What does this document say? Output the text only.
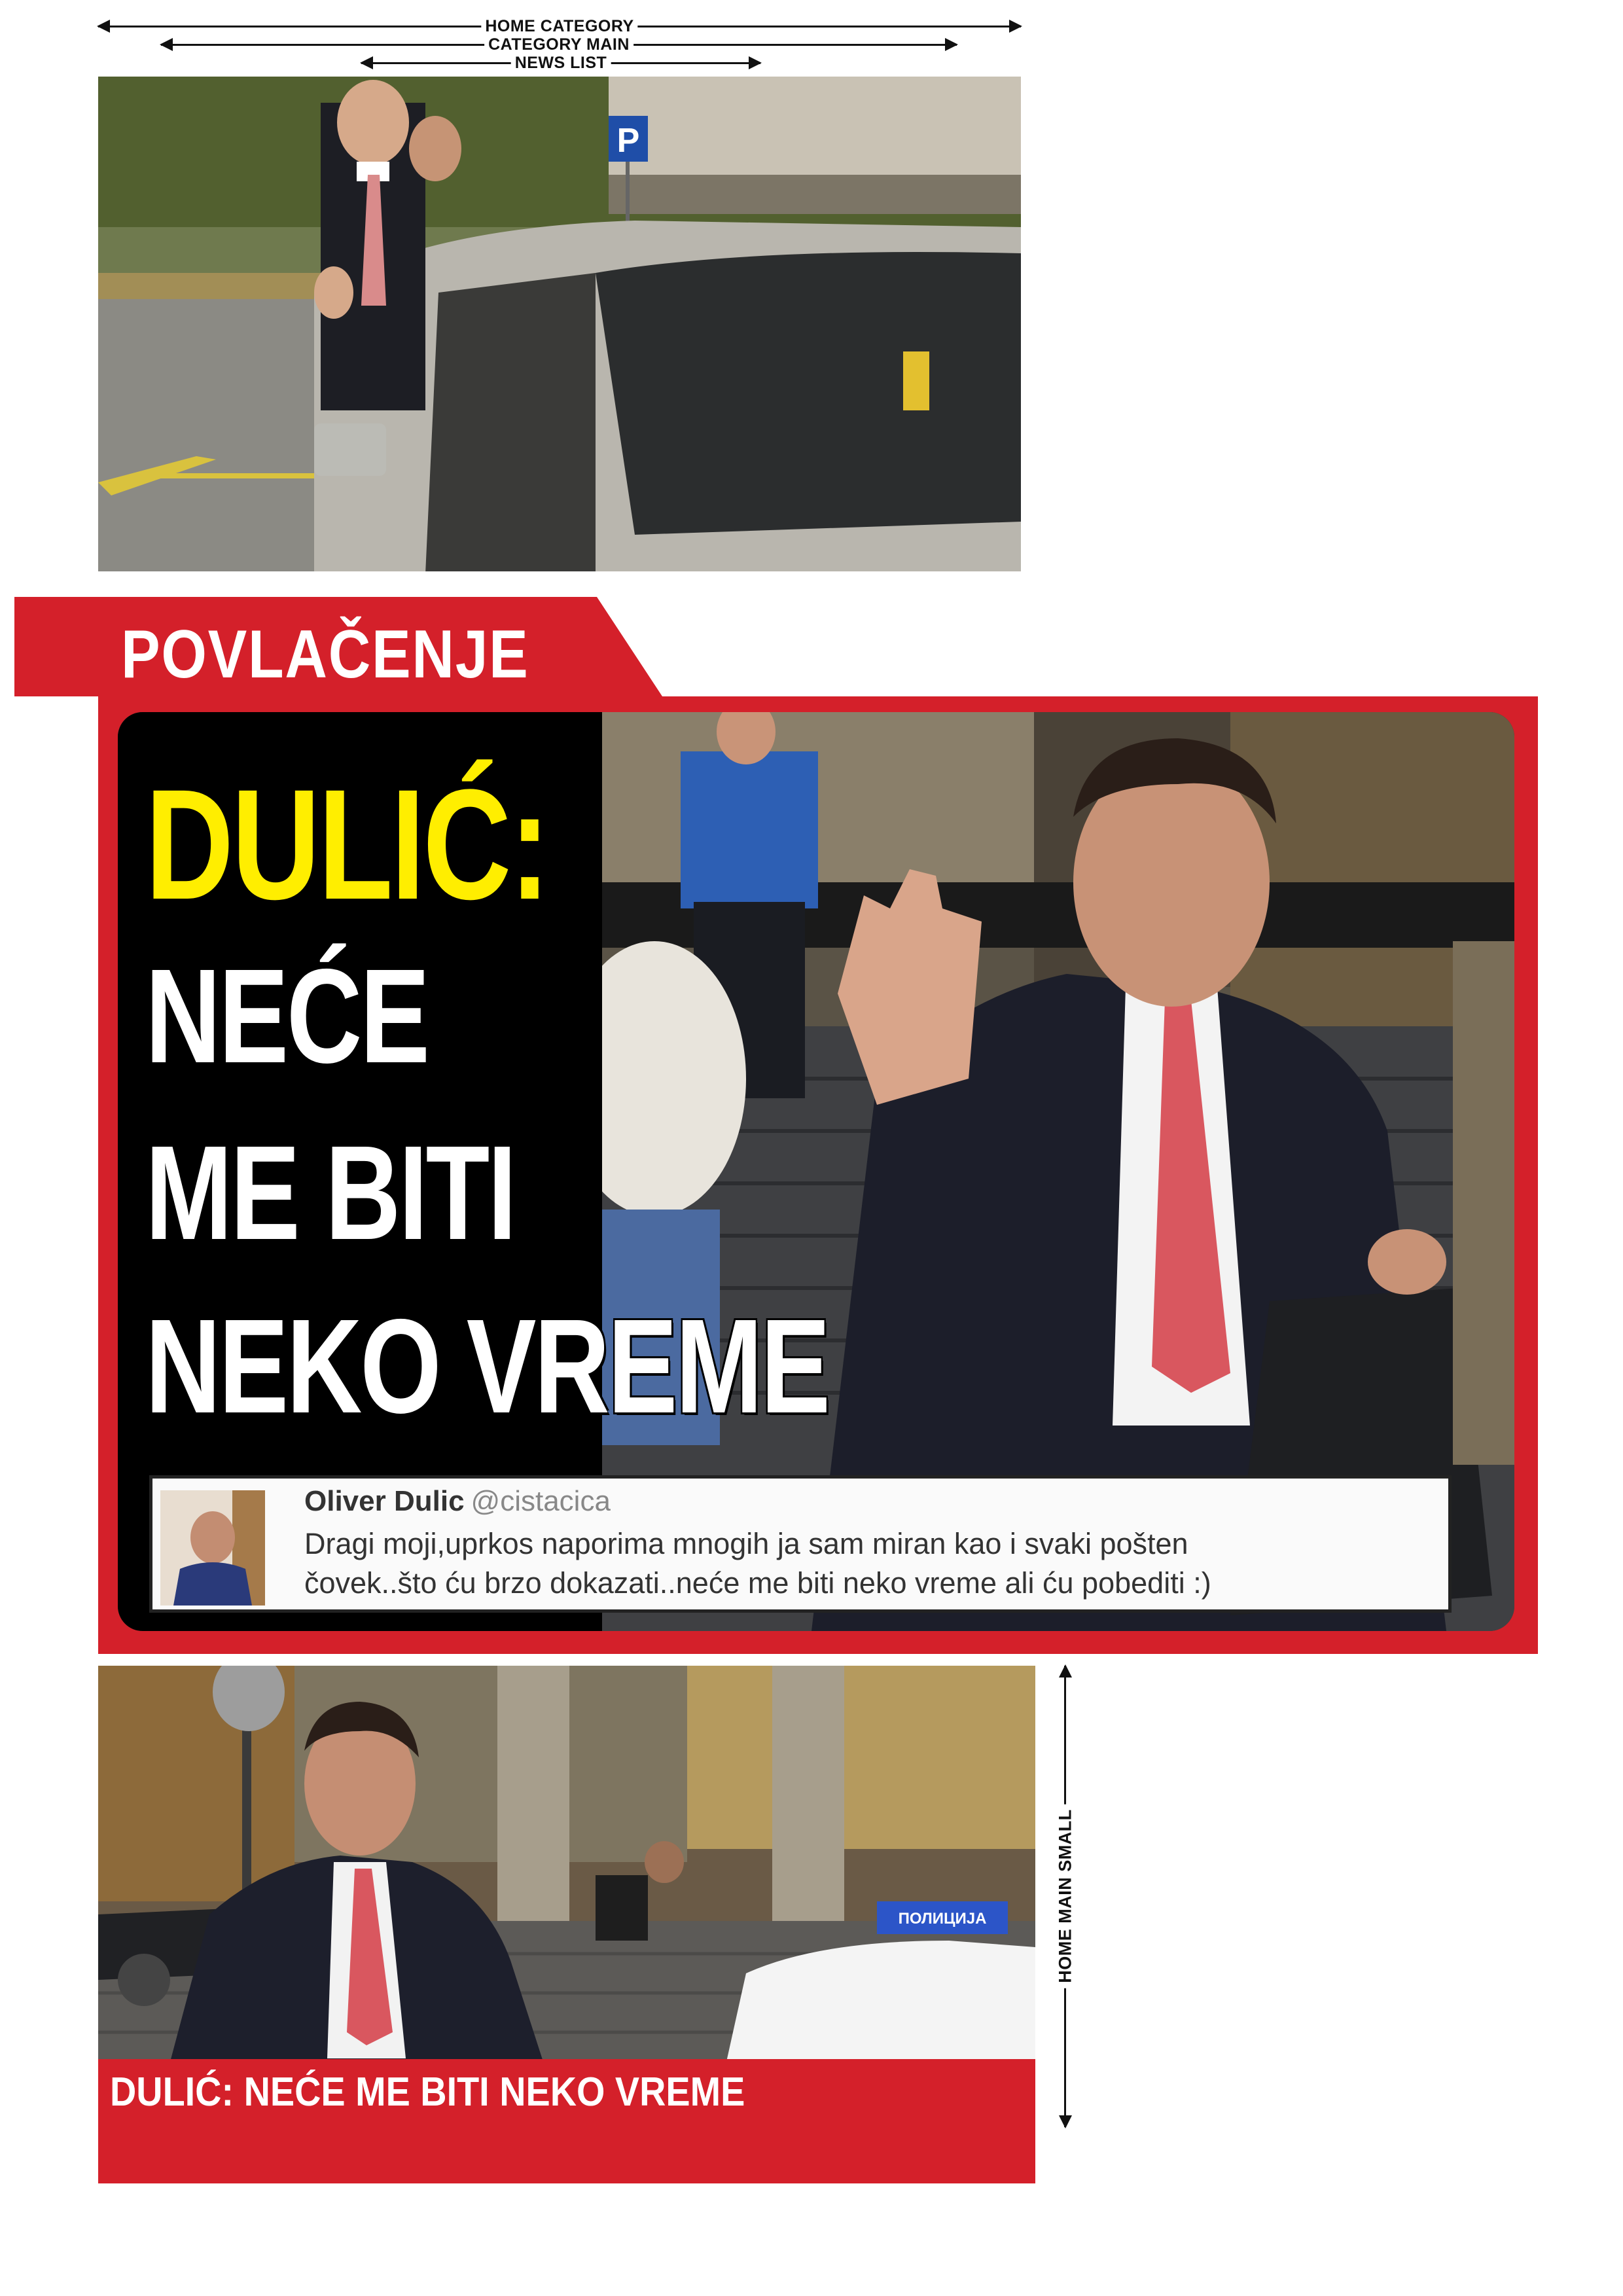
HOME CATEGORY
CATEGORY MAIN
NEWS LIST
P
POVLAČENJE
DULIĆ:
NEĆE
ME BITI
NEKO VREME
Oliver Dulic @cistacica
Dragi moji,uprkos naporima mnogih ja sam miran kao i svaki pošten
čovek..što ću brzo dokazati..neće me biti neko vreme ali ću pobediti :)
ПОЛИЦИЈА
DULIĆ: NEĆE ME BITI NEKO VREME
HOME MAIN SMALL
